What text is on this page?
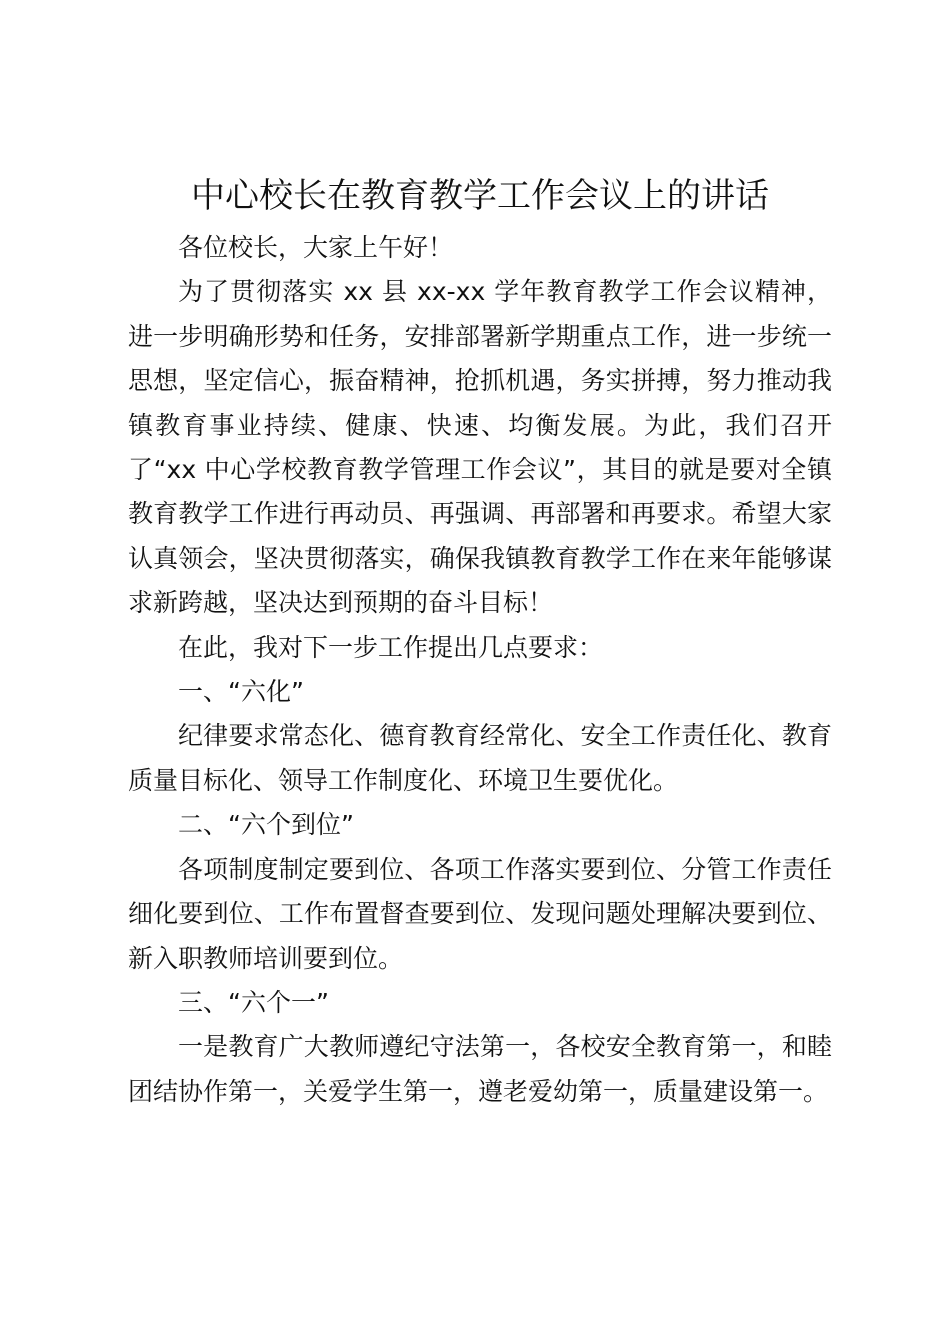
中心校长在教育教学工作会议上的讲话

各位校长，大家上午好！

为了贯彻落实 xx 县 xx-xx 学年教育教学工作会议精神，进一步明确形势和任务，安排部署新学期重点工作，进一步统一思想，坚定信心，振奋精神，抢抓机遇，务实拼搏，努力推动我镇教育事业持续、健康、快速、均衡发展。为此，我们召开了“xx 中心学校教育教学管理工作会议”，其目的就是要对全镇教育教学工作进行再动员、再强调、再部署和再要求。希望大家认真领会，坚决贯彻落实，确保我镇教育教学工作在来年能够谋求新跨越，坚决达到预期的奋斗目标！

在此，我对下一步工作提出几点要求：

一、“六化”

纪律要求常态化、德育教育经常化、安全工作责任化、教育质量目标化、领导工作制度化、环境卫生要优化。

二、“六个到位”

各项制度制定要到位、各项工作落实要到位、分管工作责任细化要到位、工作布置督查要到位、发现问题处理解决要到位、新入职教师培训要到位。

三、“六个一”

一是教育广大教师遵纪守法第一，各校安全教育第一，和睦团结协作第一，关爱学生第一，遵老爱幼第一，质量建设第一。
